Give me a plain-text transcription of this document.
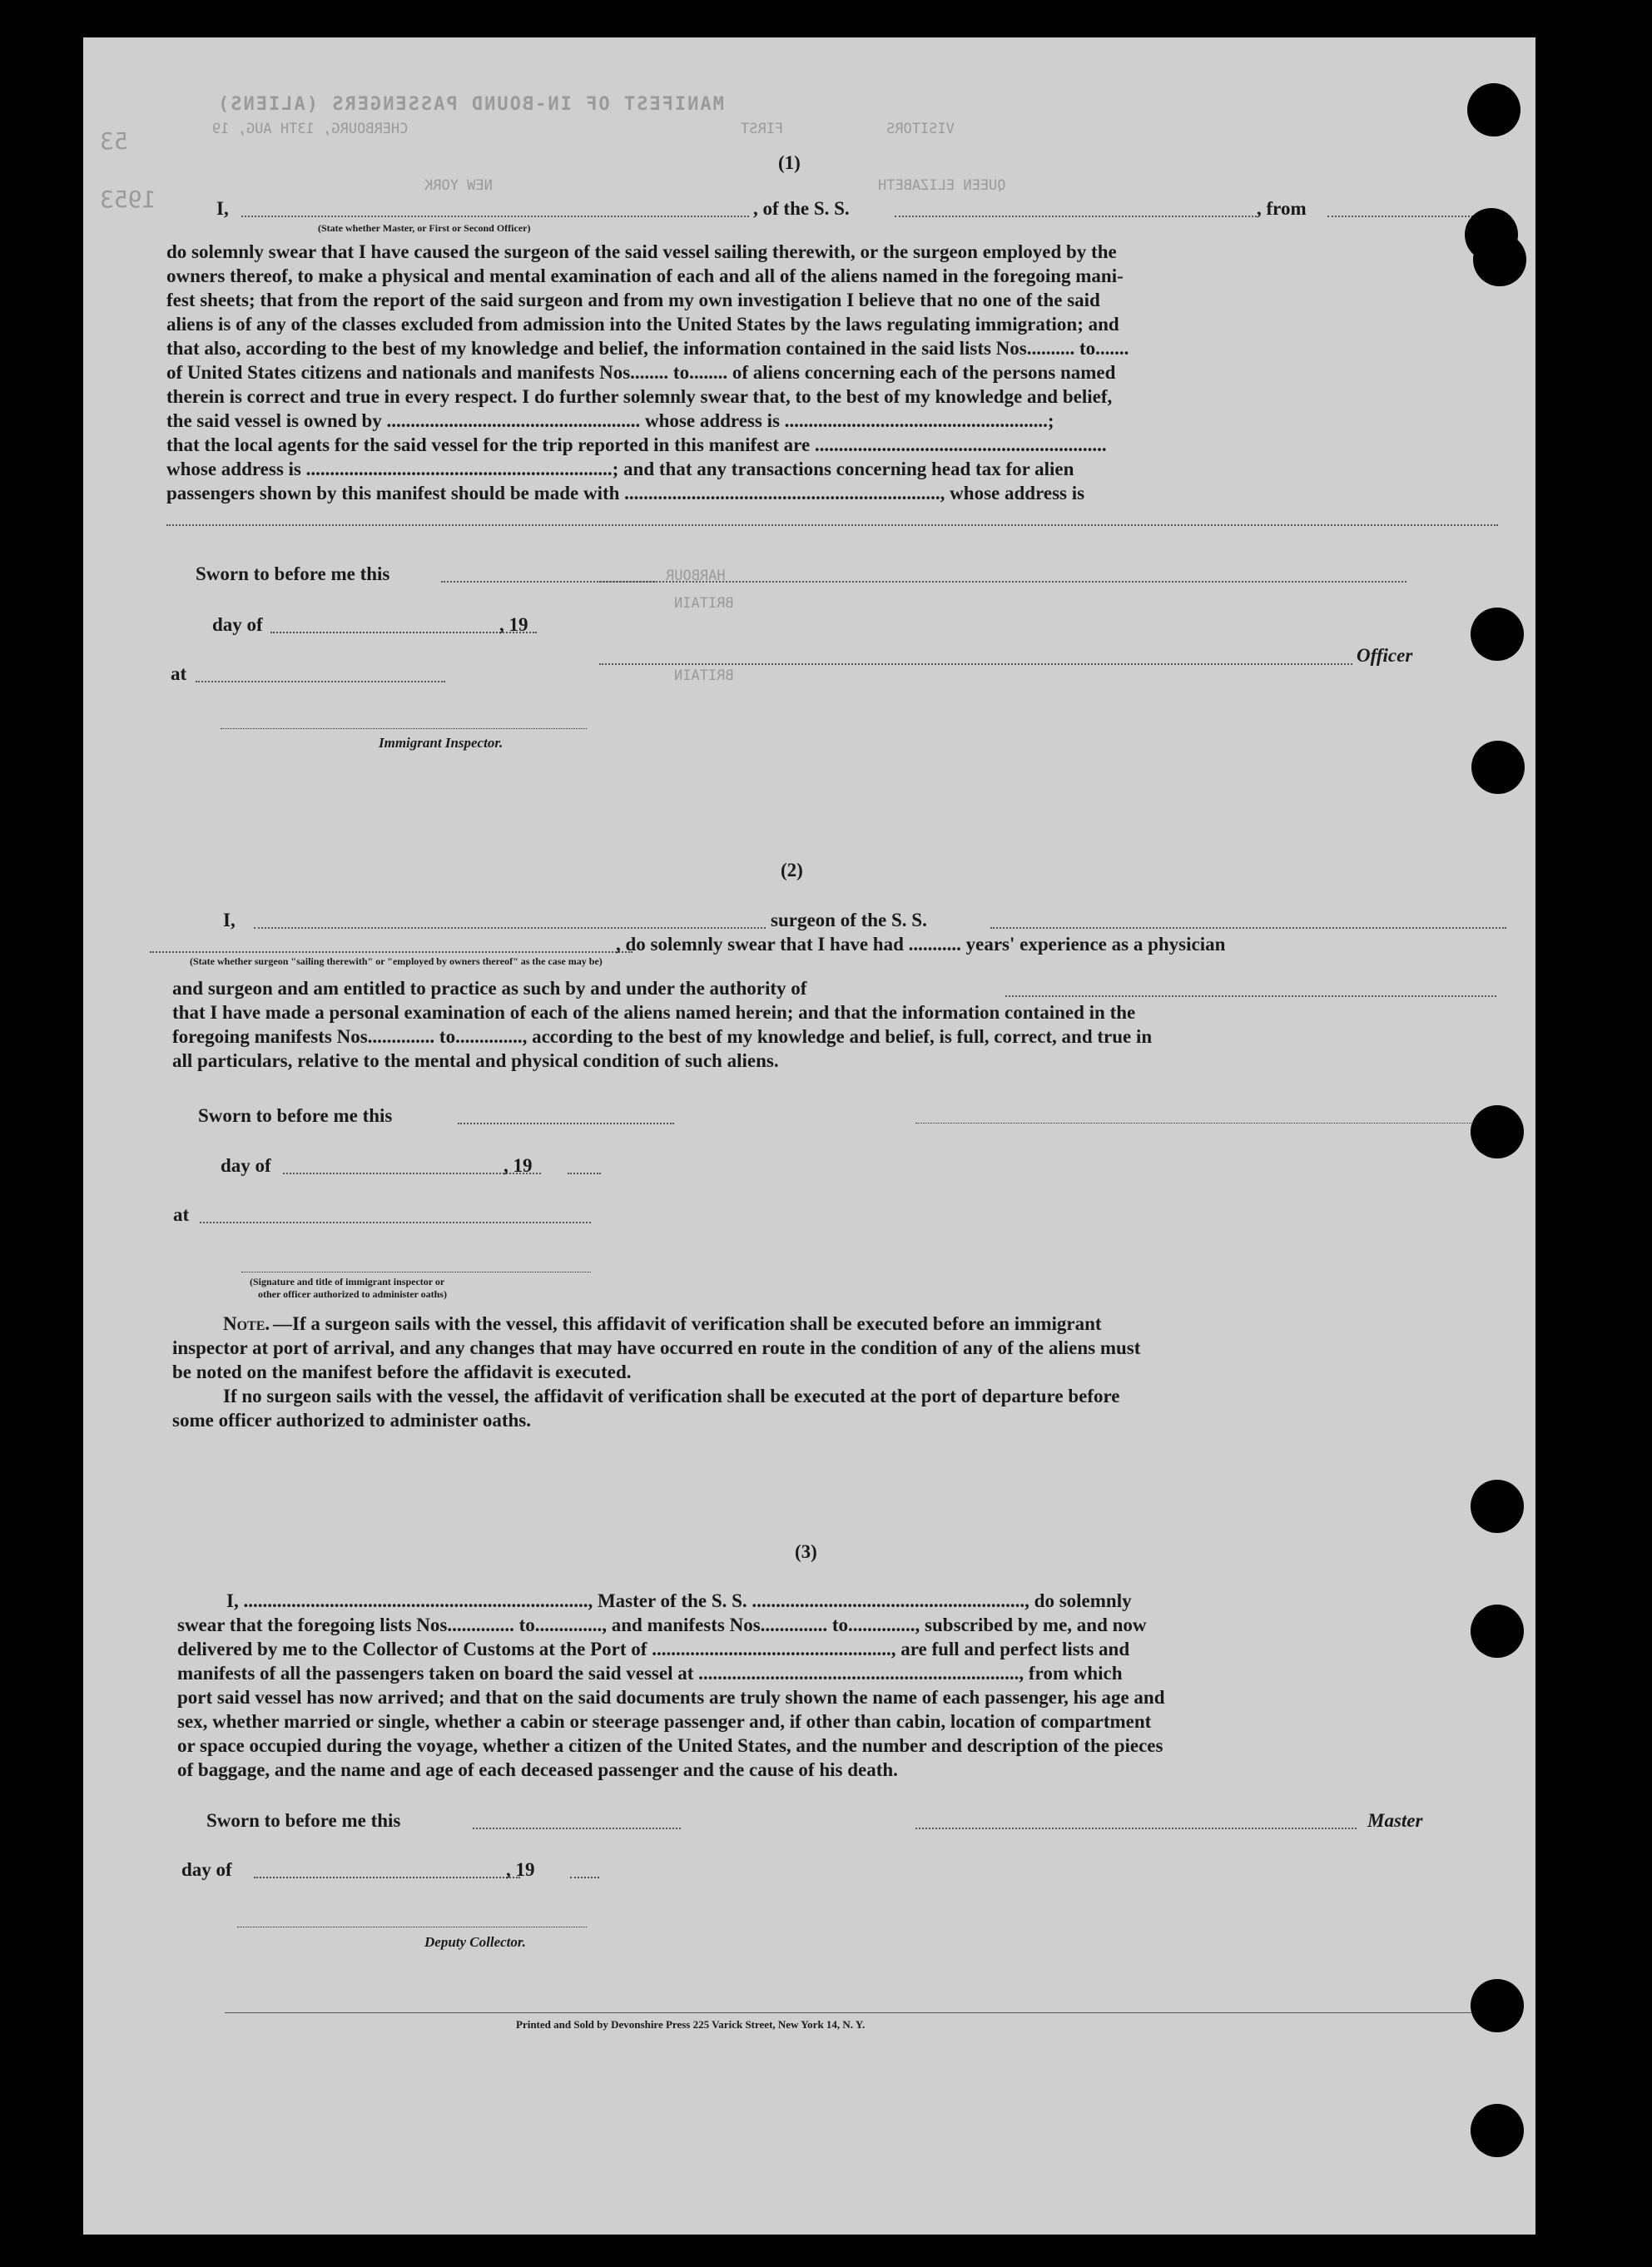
MANIFEST OF IN-BOUND PASSENGERS (ALIENS)
CHERBOURG, 13TH AUG, 19	FIRST	VISITORS
NEW YORK	QUEEN ELIZABETH
53
1953
(1)
I,	, of the S. S.	, from
(State whether Master, or First or Second Officer)
do solemnly swear that I have caused the surgeon of the said vessel sailing therewith, or the surgeon employed by the
owners thereof, to make a physical and mental examination of each and all of the aliens named in the foregoing mani-
fest sheets; that from the report of the said surgeon and from my own investigation I believe that no one of the said
aliens is of any of the classes excluded from admission into the United States by the laws regulating immigration; and
that also, according to the best of my knowledge and belief, the information contained in the said lists Nos.......... to.......
of United States citizens and nationals and manifests Nos........ to........ of aliens concerning each of the persons named
therein is correct and true in every respect. I do further solemnly swear that, to the best of my knowledge and belief,
the said vessel is owned by ..................................................... whose address is .......................................................;
that the local agents for the said vessel for the trip reported in this manifest are .............................................................
whose address is ................................................................; and that any transactions concerning head tax for alien
passengers shown by this manifest should be made with .................................................................., whose address is
Sworn to before me this	HARBOUR
BRITAIN
day of	, 19
Officer
at	BRITAIN
Immigrant Inspector.
(2)
I,	surgeon of the S. S.
, do solemnly swear that I have had ........... years' experience as a physician
(State whether surgeon "sailing therewith" or "employed by owners thereof" as the case may be)
and surgeon and am entitled to practice as such by and under the authority of
that I have made a personal examination of each of the aliens named herein; and that the information contained in the
foregoing manifests Nos.............. to.............., according to the best of my knowledge and belief, is full, correct, and true in
all particulars, relative to the mental and physical condition of such aliens.
Sworn to before me this
day of	, 19
at
(Signature and title of immigrant inspector or
other officer authorized to administer oaths)
Note. —If a surgeon sails with the vessel, this affidavit of verification shall be executed before an immigrant
inspector at port of arrival, and any changes that may have occurred en route in the condition of any of the aliens must
be noted on the manifest before the affidavit is executed.
If no surgeon sails with the vessel, the affidavit of verification shall be executed at the port of departure before
some officer authorized to administer oaths.
(3)
I, ........................................................................, Master of the S. S. ........................................................., do solemnly
swear that the foregoing lists Nos.............. to.............., and manifests Nos.............. to.............., subscribed by me, and now
delivered by me to the Collector of Customs at the Port of .................................................., are full and perfect lists and
manifests of all the passengers taken on board the said vessel at ..................................................................., from which
port said vessel has now arrived; and that on the said documents are truly shown the name of each passenger, his age and
sex, whether married or single, whether a cabin or steerage passenger and, if other than cabin, location of compartment
or space occupied during the voyage, whether a citizen of the United States, and the number and description of the pieces
of baggage, and the name and age of each deceased passenger and the cause of his death.
Sworn to before me this	Master
day of	, 19
Deputy Collector.
Printed and Sold by Devonshire Press 225 Varick Street, New York 14, N. Y.
